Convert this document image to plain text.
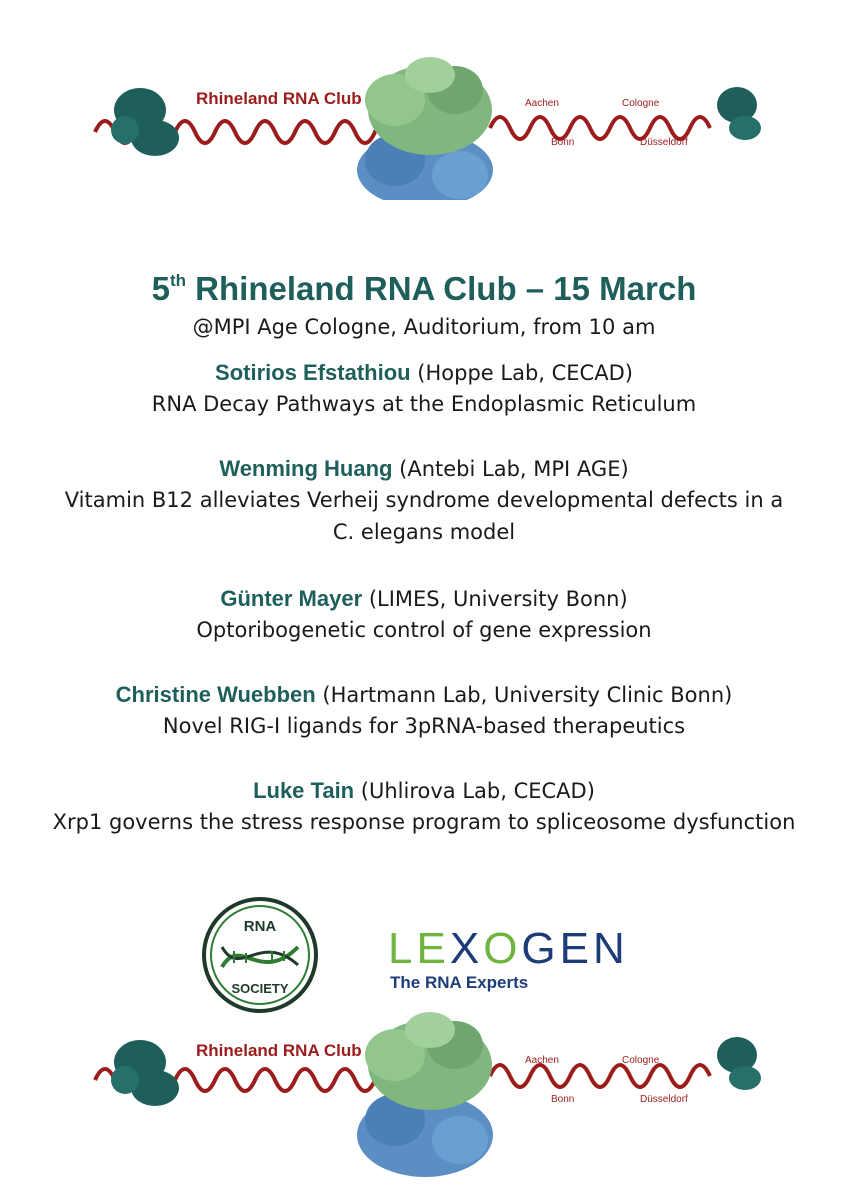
Rhineland RNA Club	Aachen	Cologne
Bonn	Düsseldorf
5th Rhineland RNA Club – 15 March
@MPI Age Cologne, Auditorium, from 10 am
Sotirios Efstathiou (Hoppe Lab, CECAD)
RNA Decay Pathways at the Endoplasmic Reticulum
Wenming Huang (Antebi Lab, MPI AGE)
Vitamin B12 alleviates Verheij syndrome developmental defects in a C. elegans model
Günter Mayer (LIMES, University Bonn)
Optoribogenetic control of gene expression
Christine Wuebben (Hartmann Lab, University Clinic Bonn)
Novel RIG-I ligands for 3pRNA-based therapeutics
Luke Tain (Uhlirova Lab, CECAD)
Xrp1 governs the stress response program to spliceosome dysfunction
RNA
SOCIETY
LEXOGEN
The RNA Experts
Rhineland RNA Club
Aachen	Cologne
Bonn	Düsseldorf
